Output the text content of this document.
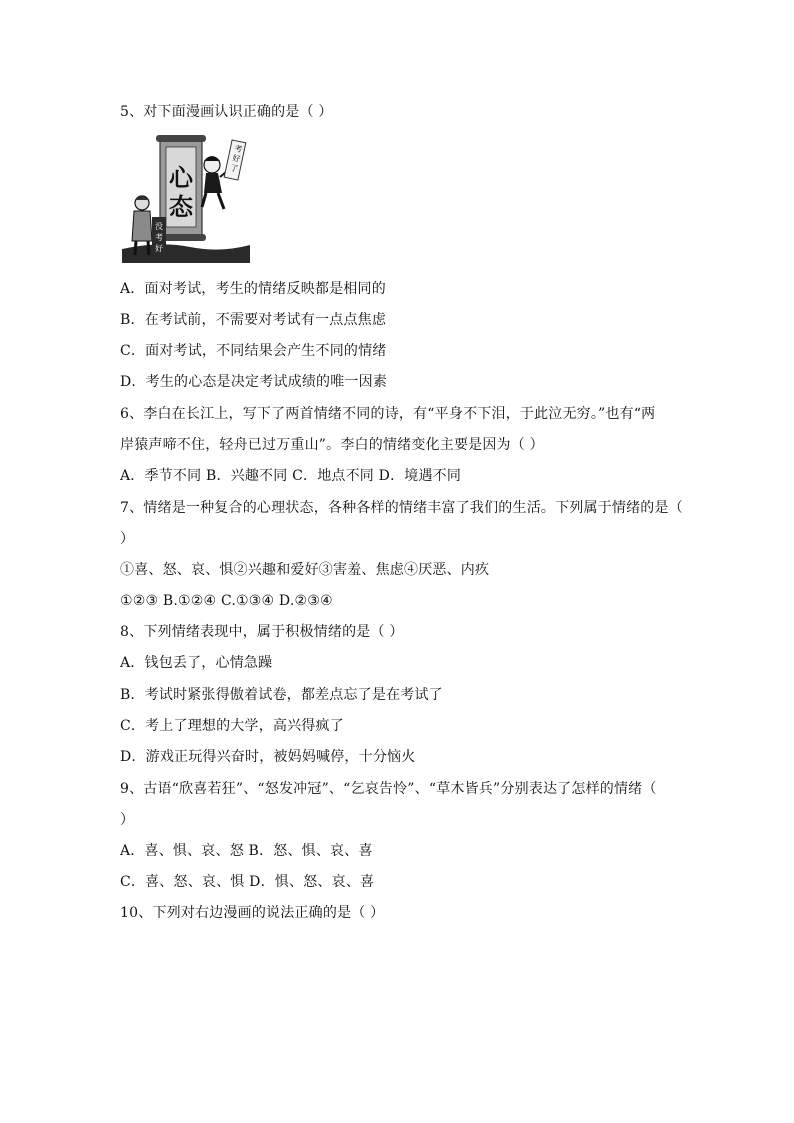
5、对下面漫画认识正确的是（ ）
心
态
考
好
了
没
考
好
A．面对考试，考生的情绪反映都是相同的
B．在考试前，不需要对考试有一点点焦虑
C．面对考试，不同结果会产生不同的情绪
D．考生的心态是决定考试成绩的唯一因素
6、李白在长江上，写下了两首情绪不同的诗，有“平身不下泪，于此泣无穷。”也有“两
岸猿声啼不住，轻舟已过万重山”。李白的情绪变化主要是因为（ ）
A．季节不同 B．兴趣不同 C．地点不同 D．境遇不同
7、情绪是一种复合的心理状态，各种各样的情绪丰富了我们的生活。下列属于情绪的是（
）
①喜、怒、哀、惧②兴趣和爱好③害羞、焦虑④厌恶、内疚
①②③ B.①②④ C.①③④ D.②③④
8、下列情绪表现中，属于积极情绪的是（ ）
A．钱包丢了，心情急躁
B．考试时紧张得傲着试卷，都差点忘了是在考试了
C．考上了理想的大学，高兴得疯了
D．游戏正玩得兴奋时，被妈妈喊停，十分恼火
9、古语“欣喜若狂”、“怒发冲冠”、“乞哀告怜”、“草木皆兵”分别表达了怎样的情绪（
）
A．喜、惧、哀、怒 B．怒、惧、哀、喜
C．喜、怒、哀、惧 D．惧、怒、哀、喜
10、下列对右边漫画的说法正确的是（ ）
